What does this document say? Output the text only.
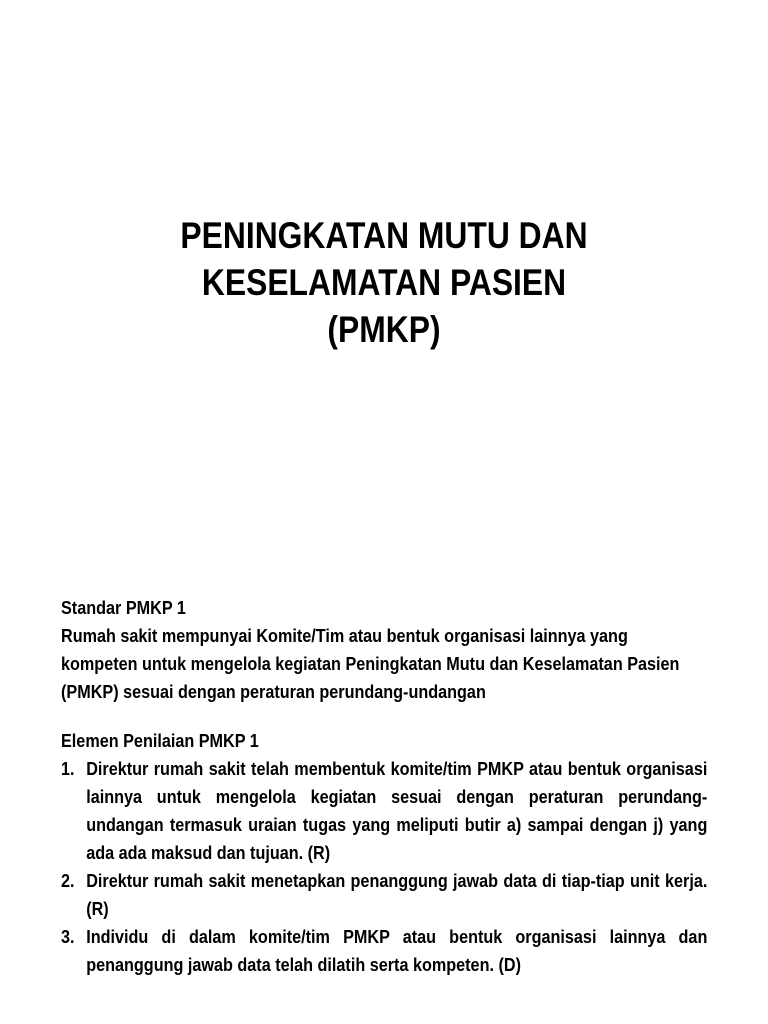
PENINGKATAN MUTU DAN
KESELAMATAN PASIEN
(PMKP)

Standar PMKP 1

Rumah sakit mempunyai Komite/Tim atau bentuk organisasi lainnya yang kompeten untuk mengelola kegiatan Peningkatan Mutu dan Keselamatan Pasien (PMKP) sesuai dengan peraturan perundang-undangan

Elemen Penilaian PMKP 1

1. Direktur rumah sakit telah membentuk komite/tim PMKP atau bentuk organisasi lainnya untuk mengelola kegiatan sesuai dengan peraturan perundang-undangan termasuk uraian tugas yang meliputi butir a) sampai dengan j) yang ada ada maksud dan tujuan. (R)
2. Direktur rumah sakit menetapkan penanggung jawab data di tiap-tiap unit kerja. (R)
3. Individu di dalam komite/tim PMKP atau bentuk organisasi lainnya dan penanggung jawab data telah dilatih serta kompeten. (D)
